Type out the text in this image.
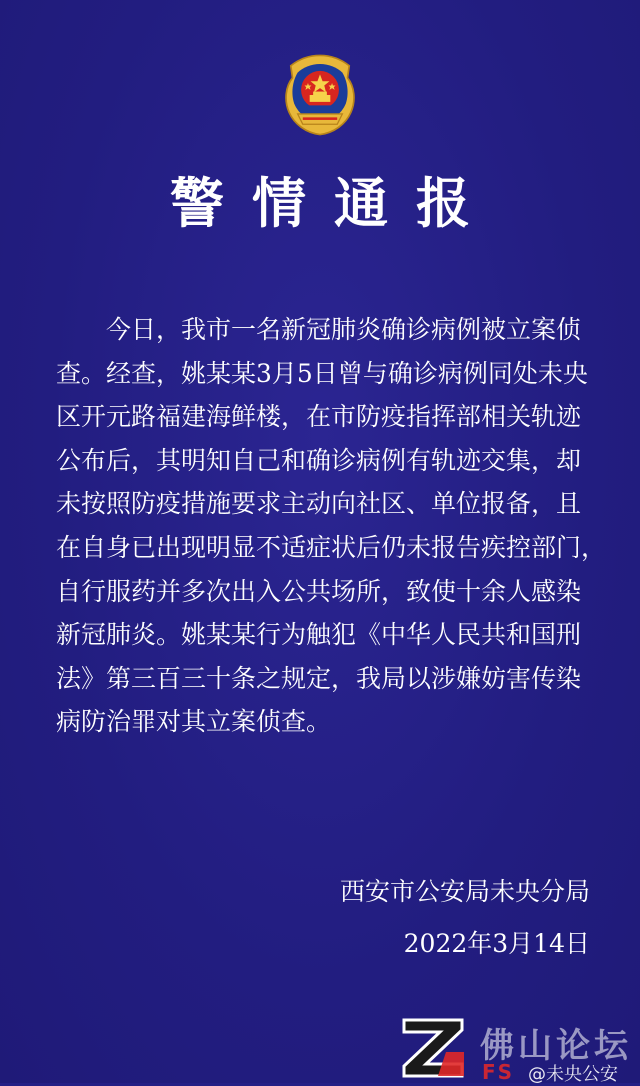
警情通报

今日，我市一名新冠肺炎确诊病例被立案侦
查。经查，姚某某3月5日曾与确诊病例同处未央
区开元路福建海鲜楼，在市防疫指挥部相关轨迹
公布后，其明知自己和确诊病例有轨迹交集，却
未按照防疫措施要求主动向社区、单位报备，且
在自身已出现明显不适症状后仍未报告疾控部门，
自行服药并多次出入公共场所，致使十余人感染
新冠肺炎。姚某某行为触犯《中华人民共和国刑
法》第三百三十条之规定，我局以涉嫌妨害传染
病防治罪对其立案侦查。

西安市公安局未央分局
2022年3月14日
佛山论坛
FS @未央公安
